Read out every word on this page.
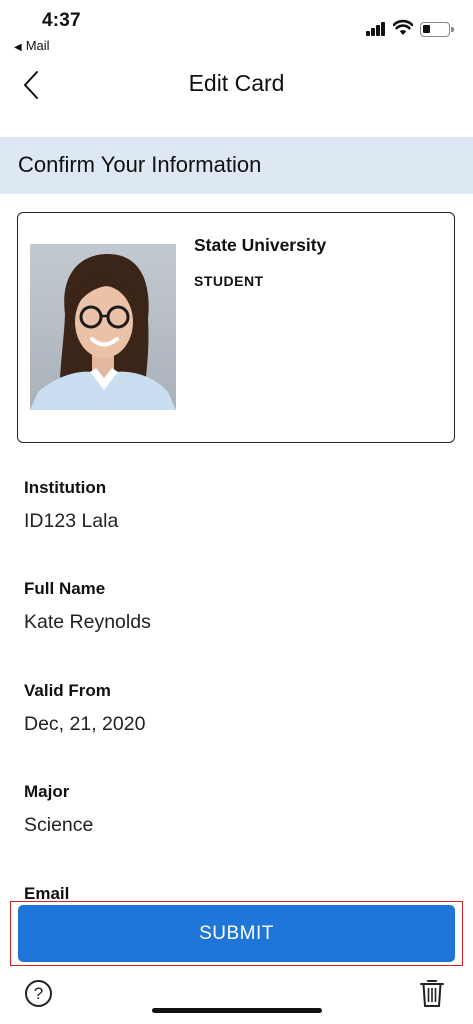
4:37
◀ Mail
Edit Card
Confirm Your Information
State University
STUDENT
Institution
ID123 Lala
Full Name
Kate Reynolds
Valid From
Dec, 21, 2020
Major
Science
Email
SUBMIT
?
